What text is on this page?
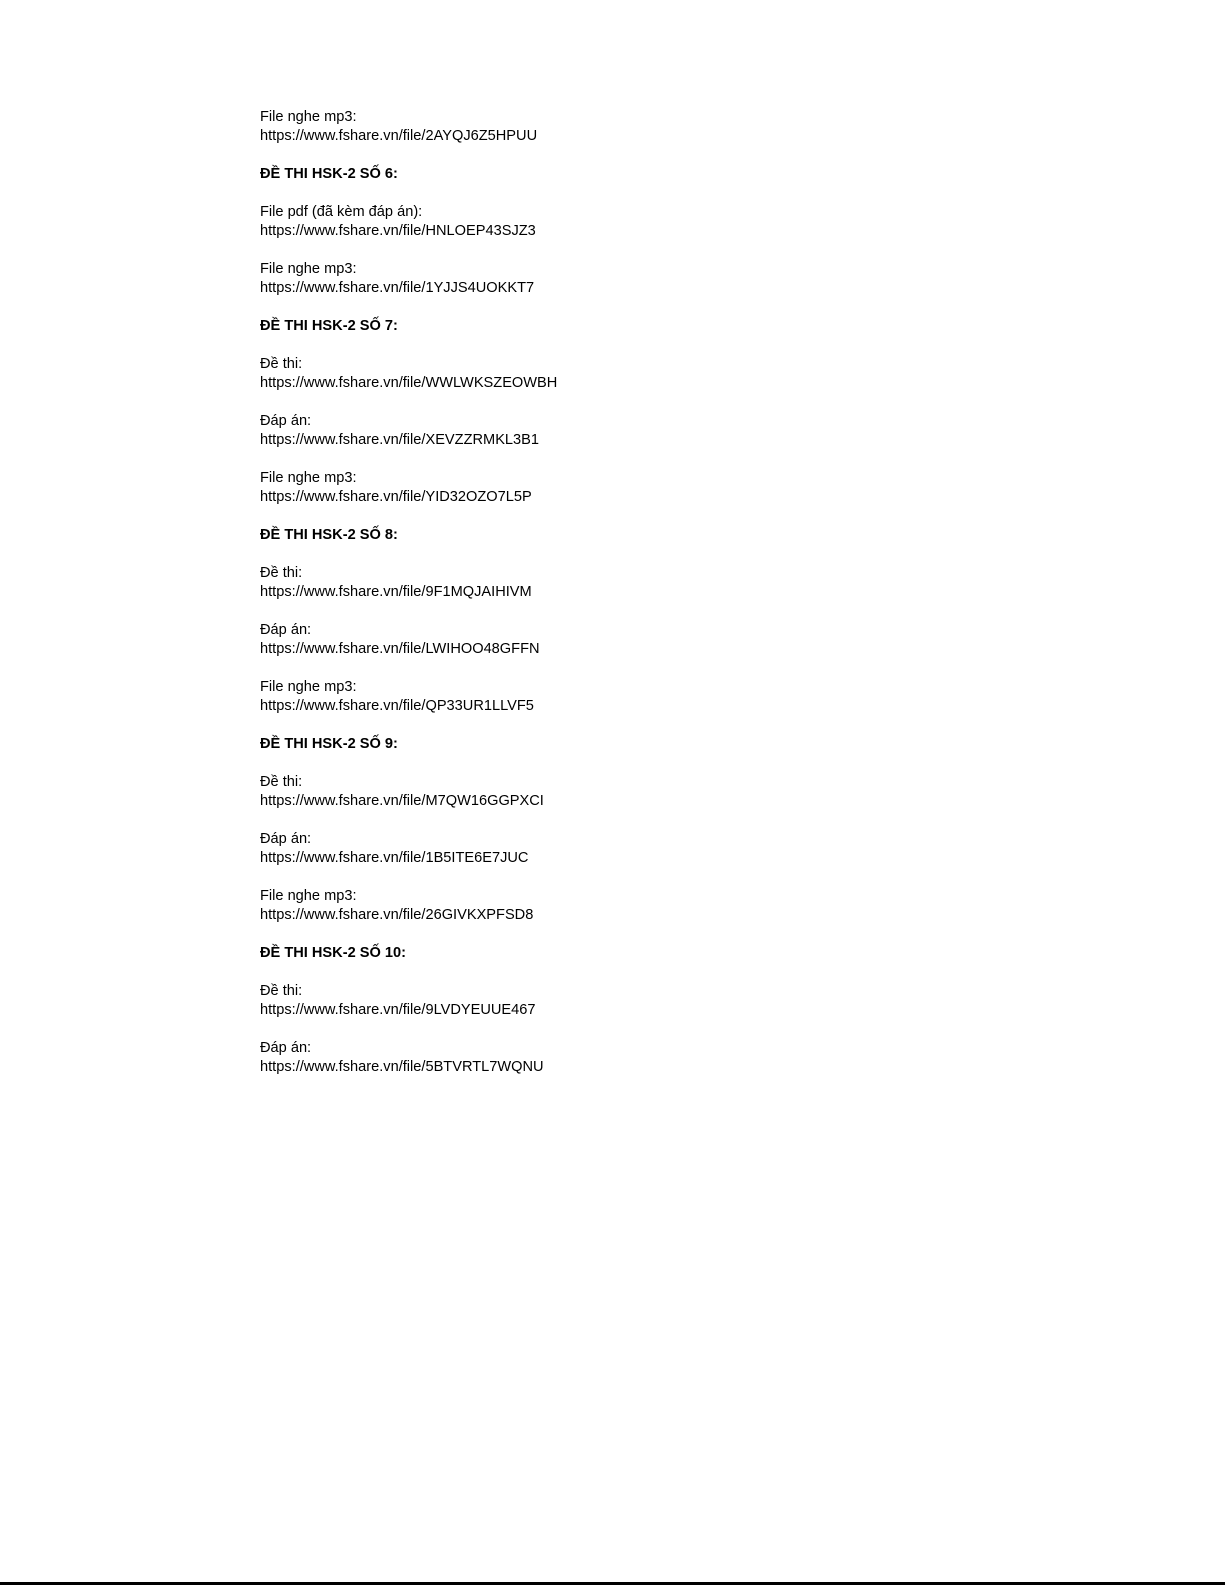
File nghe mp3:
https://www.fshare.vn/file/2AYQJ6Z5HPUU
ĐỀ THI HSK-2 SỐ 6:
File pdf (đã kèm đáp án):
https://www.fshare.vn/file/HNLOEP43SJZ3
File nghe mp3:
https://www.fshare.vn/file/1YJJS4UOKKT7
ĐỀ THI HSK-2 SỐ 7:
Đề thi:
https://www.fshare.vn/file/WWLWKSZEOWBH
Đáp án:
https://www.fshare.vn/file/XEVZZRMKL3B1
File nghe mp3:
https://www.fshare.vn/file/YID32OZO7L5P
ĐỀ THI HSK-2 SỐ 8:
Đề thi:
https://www.fshare.vn/file/9F1MQJAIHIVM
Đáp án:
https://www.fshare.vn/file/LWIHOO48GFFN
File nghe mp3:
https://www.fshare.vn/file/QP33UR1LLVF5
ĐỀ THI HSK-2 SỐ 9:
Đề thi:
https://www.fshare.vn/file/M7QW16GGPXCI
Đáp án:
https://www.fshare.vn/file/1B5ITE6E7JUC
File nghe mp3:
https://www.fshare.vn/file/26GIVKXPFSD8
ĐỀ THI HSK-2 SỐ 10:
Đề thi:
https://www.fshare.vn/file/9LVDYEUUE467
Đáp án:
https://www.fshare.vn/file/5BTVRTL7WQNU
